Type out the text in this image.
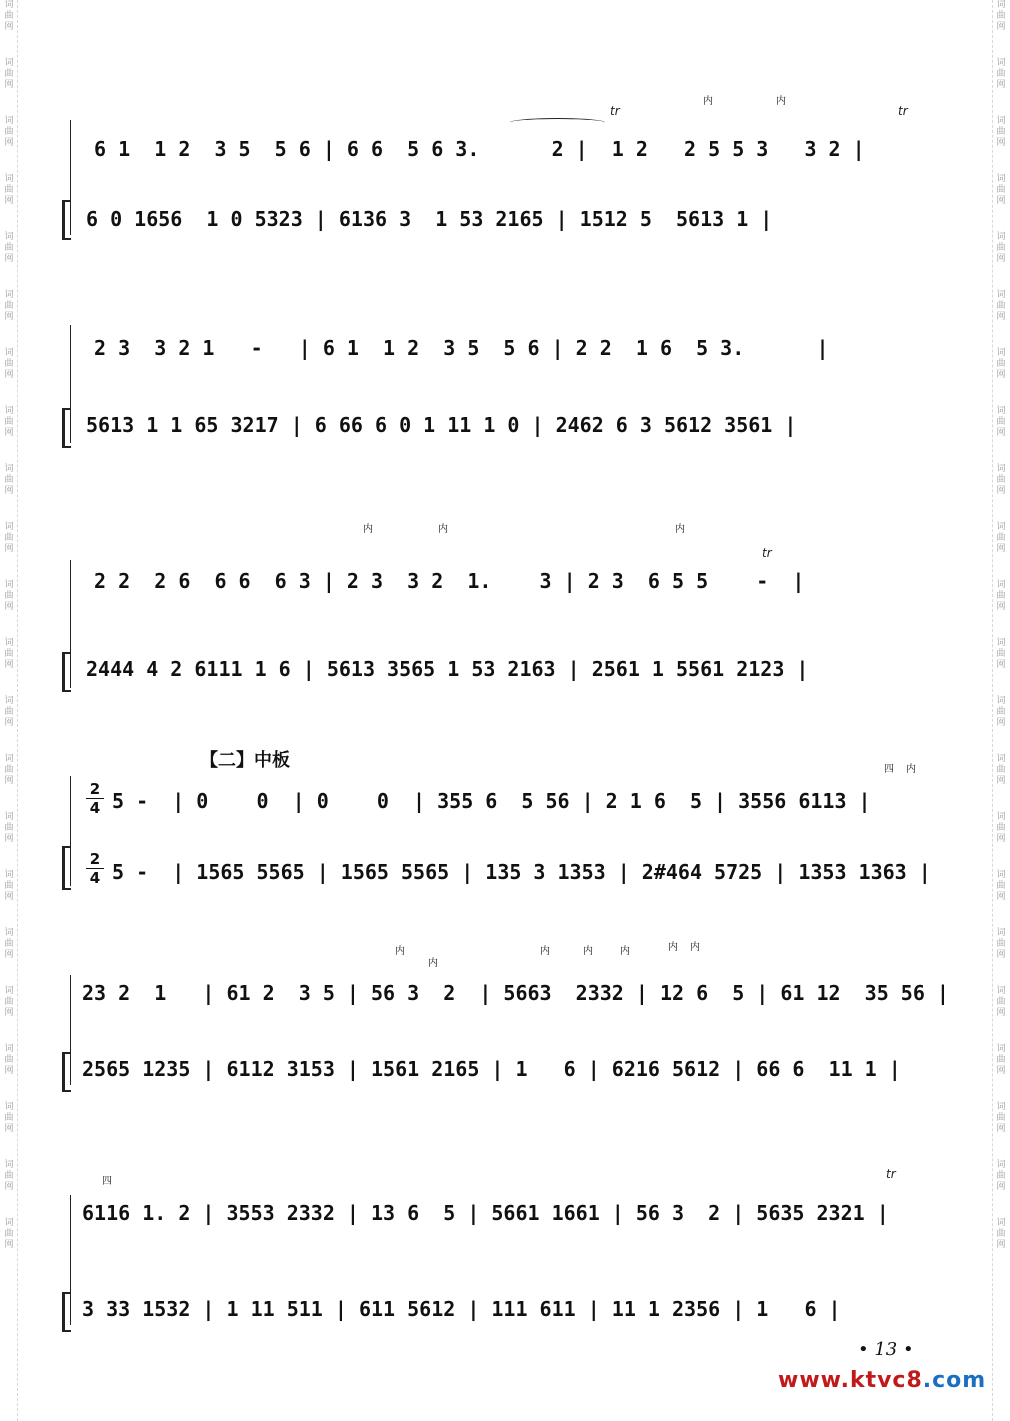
词
曲
网
词
曲
网
词
曲
网
词
曲
网
词
曲
网
词
曲
网
词
曲
网
词
曲
网
词
曲
网
词
曲
网
词
曲
网
词
曲
网
词
曲
网
词
曲
网
词
曲
网
词
曲
网
词
曲
网
词
曲
网
词
曲
网
词
曲
网
词
曲
网
词
曲
网
词
曲
网
词
曲
网
词
曲
网
词
曲
网
词
曲
网
词
曲
网
词
曲
网
词
曲
网
词
曲
网
词
曲
网
词
曲
网
词
曲
网
词
曲
网
词
曲
网
词
曲
网
词
曲
网
词
曲
网
词
曲
网
词
曲
网
词
曲
网
词
曲
网
词
曲
网
6 1  1 2  3 5  5 6 | 6 6  5 6 3.      2 |  1 2   2 5 5 3   3 2 |
6 0 1656  1 0 5323 | 6136 3  1 53 2165 | 1512 5  5613 1 |
tr
内	内
tr
2 3  3 2 1   -   | 6 1  1 2  3 5  5 6 | 2 2  1 6  5 3.      |
5613 1 1 65 3217 | 6 66 6 0 1 11 1 0 | 2462 6 3 5612 3561 |
2 2  2 6  6 6  6 3 | 2 3  3 2  1.    3 | 2 3  6 5 5    -  |
2444 4 2 6111 1 6 | 5613 3565 1 53 2163 | 2561 1 5561 2123 |
内	内	内
tr
【二】中板
2
4
2
4
5 -  | 0    0  | 0    0  | 355 6  5 56 | 2 1 6  5 | 3556 6113 |
5 -  | 1565 5565 | 1565 5565 | 135 3 1353 | 2#464 5725 | 1353 1363 |
四 内
23 2  1   | 61 2  3 5 | 56 3  2  | 5663  2332 | 12 6  5 | 61 12  35 56 |
2565 1235 | 6112 3153 | 1561 2165 | 1   6 | 6216 5612 | 66 6  11 1 |
内
内
内	内	内	内 内
6116 1. 2 | 3553 2332 | 13 6  5 | 5661 1661 | 56 3  2 | 5635 2321 |
3 33 1532 | 1 11 511 | 611 5612 | 111 611 | 11 1 2356 | 1   6 |
四
tr
• 13 •
www.ktvc8.com
